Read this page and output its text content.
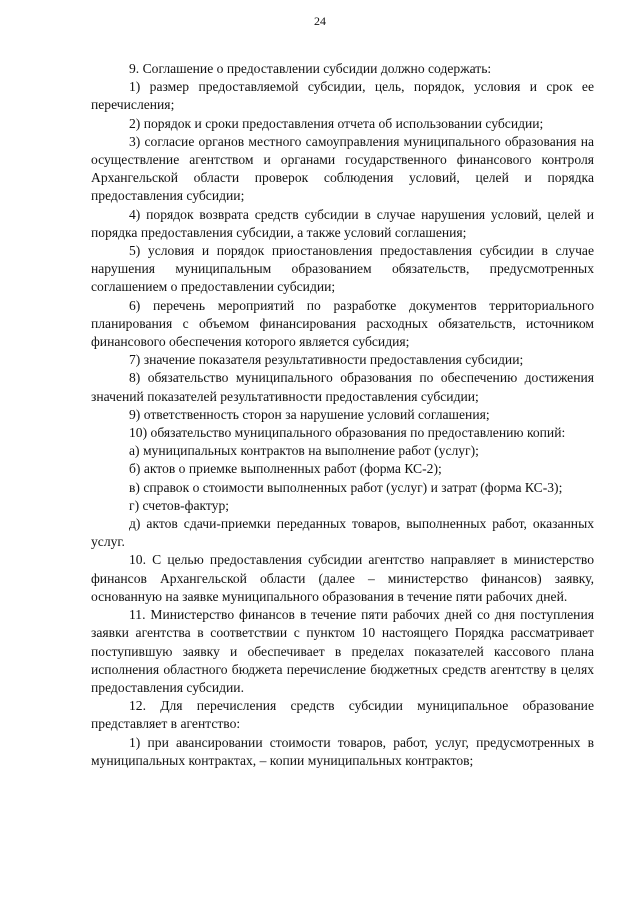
24

9. Соглашение о предоставлении субсидии должно содержать:

1) размер предоставляемой субсидии, цель, порядок, условия и срок ее перечисления;

2) порядок и сроки предоставления отчета об использовании субсидии;

3) согласие органов местного самоуправления муниципального образования на осуществление агентством и органами государственного финансового контроля Архангельской области проверок соблюдения условий, целей и порядка предоставления субсидии;

4) порядок возврата средств субсидии в случае нарушения условий, целей и порядка предоставления субсидии, а также условий соглашения;

5) условия и порядок приостановления предоставления субсидии в случае нарушения муниципальным образованием обязательств, предусмотренных соглашением о предоставлении субсидии;

6) перечень мероприятий по разработке документов территориального планирования с объемом финансирования расходных обязательств, источником финансового обеспечения которого является субсидия;

7) значение показателя результативности предоставления субсидии;

8) обязательство муниципального образования по обеспечению достижения значений показателей результативности предоставления субсидии;

9) ответственность сторон за нарушение условий соглашения;

10) обязательство муниципального образования по предоставлению копий:

а) муниципальных контрактов на выполнение работ (услуг);

б) актов о приемке выполненных работ (форма КС-2);

в) справок о стоимости выполненных работ (услуг) и затрат (форма КС-3);

г) счетов-фактур;

д) актов сдачи-приемки переданных товаров, выполненных работ, оказанных услуг.

10. С целью предоставления субсидии агентство направляет в министерство финансов Архангельской области (далее – министерство финансов) заявку, основанную на заявке муниципального образования в течение пяти рабочих дней.

11. Министерство финансов в течение пяти рабочих дней со дня поступления заявки агентства в соответствии с пунктом 10 настоящего Порядка рассматривает поступившую заявку и обеспечивает в пределах показателей кассового плана исполнения областного бюджета перечисление бюджетных средств агентству в целях предоставления субсидии.

12. Для перечисления средств субсидии муниципальное образование представляет в агентство:

1) при авансировании стоимости товаров, работ, услуг, предусмотренных в муниципальных контрактах, – копии муниципальных контрактов;
